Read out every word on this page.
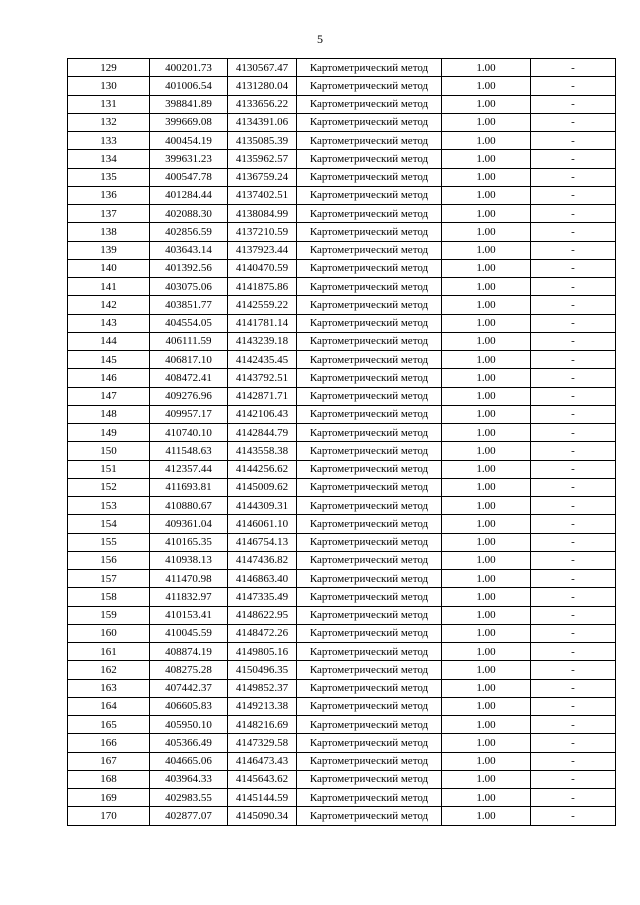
5
129	400201.73	4130567.47	Картометрический метод	1.00	-
130	401006.54	4131280.04	Картометрический метод	1.00	-
131	398841.89	4133656.22	Картометрический метод	1.00	-
132	399669.08	4134391.06	Картометрический метод	1.00	-
133	400454.19	4135085.39	Картометрический метод	1.00	-
134	399631.23	4135962.57	Картометрический метод	1.00	-
135	400547.78	4136759.24	Картометрический метод	1.00	-
136	401284.44	4137402.51	Картометрический метод	1.00	-
137	402088.30	4138084.99	Картометрический метод	1.00	-
138	402856.59	4137210.59	Картометрический метод	1.00	-
139	403643.14	4137923.44	Картометрический метод	1.00	-
140	401392.56	4140470.59	Картометрический метод	1.00	-
141	403075.06	4141875.86	Картометрический метод	1.00	-
142	403851.77	4142559.22	Картометрический метод	1.00	-
143	404554.05	4141781.14	Картометрический метод	1.00	-
144	406111.59	4143239.18	Картометрический метод	1.00	-
145	406817.10	4142435.45	Картометрический метод	1.00	-
146	408472.41	4143792.51	Картометрический метод	1.00	-
147	409276.96	4142871.71	Картометрический метод	1.00	-
148	409957.17	4142106.43	Картометрический метод	1.00	-
149	410740.10	4142844.79	Картометрический метод	1.00	-
150	411548.63	4143558.38	Картометрический метод	1.00	-
151	412357.44	4144256.62	Картометрический метод	1.00	-
152	411693.81	4145009.62	Картометрический метод	1.00	-
153	410880.67	4144309.31	Картометрический метод	1.00	-
154	409361.04	4146061.10	Картометрический метод	1.00	-
155	410165.35	4146754.13	Картометрический метод	1.00	-
156	410938.13	4147436.82	Картометрический метод	1.00	-
157	411470.98	4146863.40	Картометрический метод	1.00	-
158	411832.97	4147335.49	Картометрический метод	1.00	-
159	410153.41	4148622.95	Картометрический метод	1.00	-
160	410045.59	4148472.26	Картометрический метод	1.00	-
161	408874.19	4149805.16	Картометрический метод	1.00	-
162	408275.28	4150496.35	Картометрический метод	1.00	-
163	407442.37	4149852.37	Картометрический метод	1.00	-
164	406605.83	4149213.38	Картометрический метод	1.00	-
165	405950.10	4148216.69	Картометрический метод	1.00	-
166	405366.49	4147329.58	Картометрический метод	1.00	-
167	404665.06	4146473.43	Картометрический метод	1.00	-
168	403964.33	4145643.62	Картометрический метод	1.00	-
169	402983.55	4145144.59	Картометрический метод	1.00	-
170	402877.07	4145090.34	Картометрический метод	1.00	-
